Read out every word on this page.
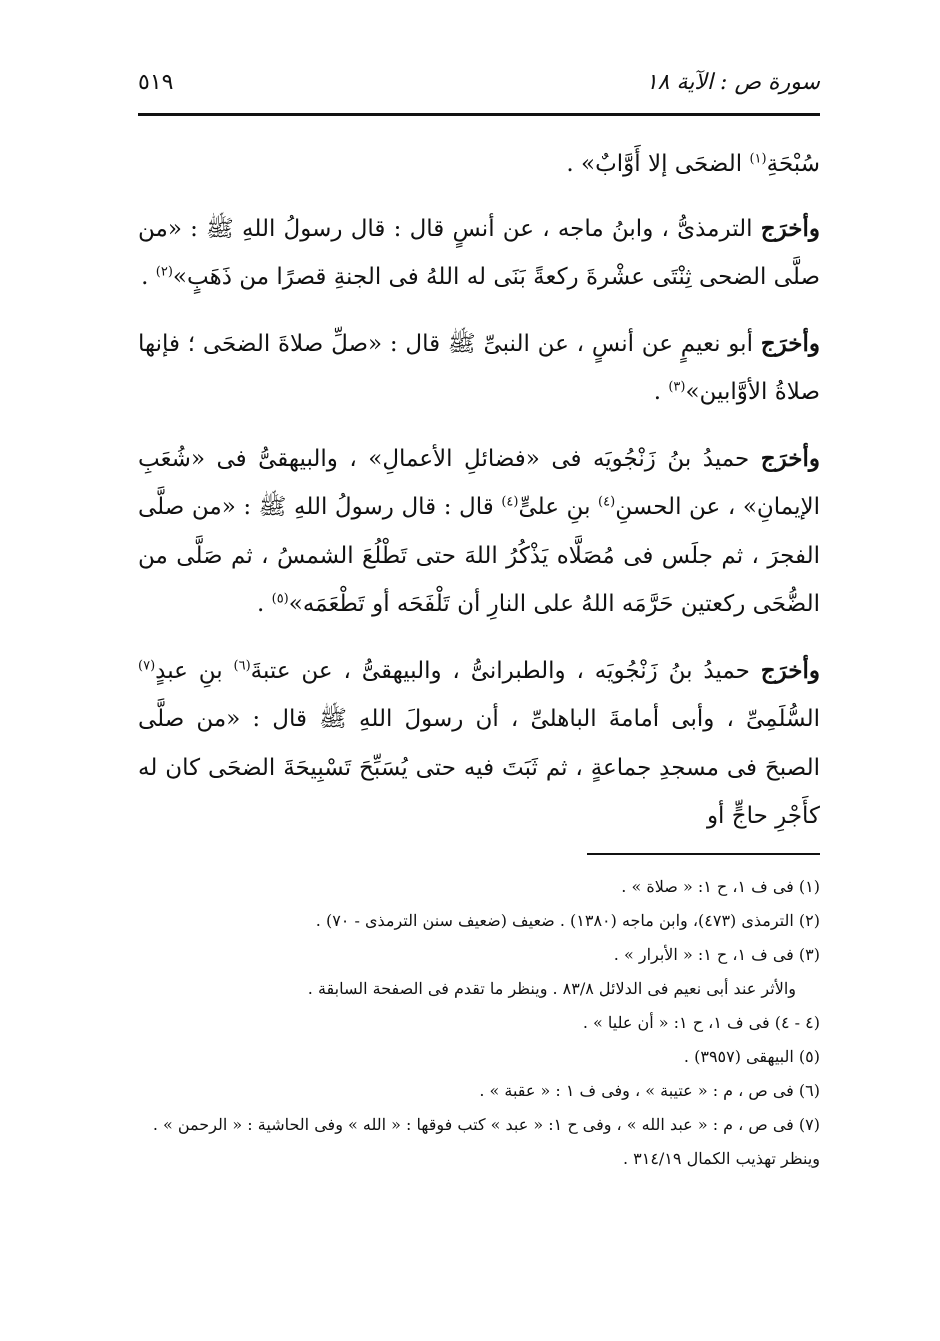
سورة ص : الآية ١٨
٥١٩

سُبْحَةِ$^{(١)}$ الضحَى إلا أَوَّابٌ» .

وأخرَج الترمذىُّ ، وابنُ ماجه ، عن أنسٍ قال : قال رسولُ اللهِ ﷺ : «من صلَّى الضحى ثِنْتَى عشْرةَ ركعةً بَنَى له اللهُ فى الجنةِ قصرًا من ذَهَبٍ»$^{(٢)}$ .

وأخرَج أبو نعيمٍ عن أنسٍ ، عن النبىِّ ﷺ قال : «صلِّ صلاةَ الضحَى ؛ فإنها صلاةُ الأوَّابين»$^{(٣)}$ .

وأخرَج حميدُ بنُ زَنْجُويَه فى «فضائلِ الأعمالِ» ، والبيهقىُّ فى «شُعَبِ الإيمانِ» ، عن الحسنِ$^{(٤)}$ بنِ علىٍّ$^{(٤)}$ قال : قال رسولُ اللهِ ﷺ : «من صلَّى الفجرَ ، ثم جلَس فى مُصَلَّاه يَذْكُرُ اللهَ حتى تَطْلُعَ الشمسُ ، ثم صَلَّى من الضُّحَى ركعتين حَرَّمَه اللهُ على النارِ أن تَلْفَحَه أو تَطْعَمَه»$^{(٥)}$ .

وأخرَج حميدُ بنُ زَنْجُويَه ، والطبرانىُّ ، والبيهقىُّ ، عن عتبةَ$^{(٦)}$ بنِ عبدٍ$^{(٧)}$ السُّلَمِىِّ ، وأبى أمامةَ الباهلىِّ ، أن رسولَ اللهِ ﷺ قال : «من صلَّى الصبحَ فى مسجدِ جماعةٍ ، ثم ثَبَتَ فيه حتى يُسَبِّحَ تَسْبِيحَةَ الضحَى كان له كأَجْرِ حاجٍّ أو

(١) فى ف ١، ح ١: « صلاة » .
(٢) الترمذى (٤٧٣)، وابن ماجه (١٣٨٠) . ضعيف (ضعيف سنن الترمذى - ٧٠) .
(٣) فى ف ١، ح ١: « الأبرار » .
والأثر عند أبى نعيم فى الدلائل ٨٣/٨ . وينظر ما تقدم فى الصفحة السابقة .
(٤ - ٤) فى ف ١، ح ١: « أن عليا » .
(٥) البيهقى (٣٩٥٧) .
(٦) فى ص ، م : « عتيبة » ، وفى ف ١ : « عقبة » .
(٧) فى ص ، م : « عبد الله » ، وفى ح ١: « عبد » كتب فوقها : « الله » وفى الحاشية : « الرحمن » .
وينظر تهذيب الكمال ٣١٤/١٩ .
